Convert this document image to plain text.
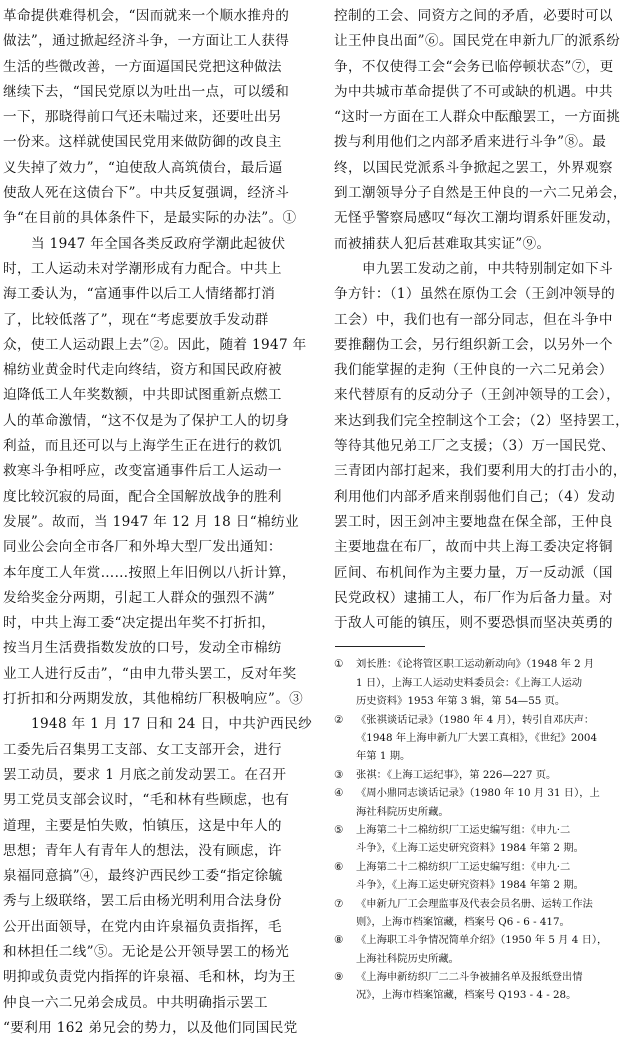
革命提供难得机会，“因而就来一个顺水推舟的
做法”，通过掀起经济斗争，一方面让工人获得
生活的些微改善，一方面逼国民党把这种做法
继续下去，“国民党原以为吐出一点，可以缓和
一下，那晓得前口气还未喘过来，还要吐出另
一份来。这样就使国民党用来做防御的改良主
义失掉了效力”，“迫使敌人高筑债台，最后逼
使敌人死在这债台下”。中共反复强调，经济斗
争“在目前的具体条件下，是最实际的办法”。①
当 1947 年全国各类反政府学潮此起彼伏
时，工人运动未对学潮形成有力配合。中共上
海工委认为，“富通事件以后工人情绪都打消
了，比较低落了”，现在“考虑要放手发动群
众，使工人运动跟上去”②。因此，随着 1947 年
棉纺业黄金时代走向终结，资方和国民政府被
迫降低工人年奖数额，中共即试图重新点燃工
人的革命激情，“这不仅是为了保护工人的切身
利益，而且还可以与上海学生正在进行的救饥
救寒斗争相呼应，改变富通事件后工人运动一
度比较沉寂的局面，配合全国解放战争的胜利
发展”。故而，当 1947 年 12 月 18 日“棉纺业
同业公会向全市各厂和外埠大型厂发出通知：
本年度工人年赏……按照上年旧例以八折计算，
发给奖金分两期，引起工人群众的强烈不满”
时，中共上海工委“决定提出年奖不打折扣，
按当月生活费指数发放的口号，发动全市棉纺
业工人进行反击”，“由申九带头罢工，反对年奖
打折扣和分两期发放，其他棉纺厂积极响应”。③
1948 年 1 月 17 日和 24 日，中共沪西民纱
工委先后召集男工支部、女工支部开会，进行
罢工动员，要求 1 月底之前发动罢工。在召开
男工党员支部会议时，“毛和林有些顾虑，也有
道理，主要是怕失败，怕镇压，这是中年人的
思想；青年人有青年人的想法，没有顾虑，许
泉福同意搞”④，最终沪西民纱工委“指定徐毓
秀与上级联络，罢工后由杨光明利用合法身份
公开出面领导，在党内由许泉福负责指挥，毛
和林担任二线”⑤。无论是公开领导罢工的杨光
明抑或负责党内指挥的许泉福、毛和林，均为王
仲良一六二兄弟会成员。中共明确指示罢工
“要利用 162 弟兄会的势力，以及他们同国民党
控制的工会、同资方之间的矛盾，必要时可以
让王仲良出面”⑥。国民党在申新九厂的派系纷
争，不仅使得工会“会务已临停顿状态”⑦，更
为中共城市革命提供了不可或缺的机遇。中共
“这时一方面在工人群众中酝酿罢工，一方面挑
拨与利用他们之内部矛盾来进行斗争”⑧。最
终，以国民党派系斗争掀起之罢工，外界观察
到工潮领导分子自然是王仲良的一六二兄弟会，
无怪乎警察局感叹“每次工潮均谓系奸匪发动，
而被捕获人犯后甚难取其实证”⑨。
申九罢工发动之前，中共特别制定如下斗
争方针：（1）虽然在原伪工会（王剑冲领导的
工会）中，我们也有一部分同志，但在斗争中
要推翻伪工会，另行组织新工会，以另外一个
我们能掌握的走狗（王仲良的一六二兄弟会）
来代替原有的反动分子（王剑冲领导的工会），
来达到我们完全控制这个工会；（2）坚持罢工，
等待其他兄弟工厂之支援；（3）万一国民党、
三青团内部打起来，我们要利用大的打击小的，
利用他们内部矛盾来削弱他们自己；（4）发动
罢工时，因王剑冲主要地盘在保全部，王仲良
主要地盘在布厂，故而中共上海工委决定将铜
匠间、布机间作为主要力量，万一反动派（国
民党政权）逮捕工人，布厂作为后备力量。对
于敌人可能的镇压，则不要恐惧而坚决英勇的
①	刘长胜：《论将管区职工运动新动向》（1948 年 2 月
1 日），上海工人运动史料委员会：《上海工人运动
历史资料》1953 年第 3 辑，第 54—55 页。
②	《张祺谈话记录》（1980 年 4 月），转引自邓庆声：
《1948 年上海申新九厂大罢工真相》，《世纪》2004
年第 1 期。
③	张祺：《上海工运纪事》，第 226—227 页。
④	《周小鼎同志谈话记录》（1980 年 10 月 31 日），上
海社科院历史所藏。
⑤	上海第二十二棉纺织厂工运史编写组：《申九·二
斗争》，《上海工运史研究资料》1984 年第 2 期。
⑥	上海第二十二棉纺织厂工运史编写组：《申九·二
斗争》，《上海工运史研究资料》1984 年第 2 期。
⑦	《申新九厂工会理监事及代表会员名册、运转工作法
则》，上海市档案馆藏，档案号 Q6 - 6 - 417。
⑧	《上海职工斗争情况简单介绍》（1950 年 5 月 4 日），
上海社科院历史所藏。
⑨	《上海申新纺织厂二二斗争被捕名单及报纸登出情
况》，上海市档案馆藏，档案号 Q193 - 4 - 28。
